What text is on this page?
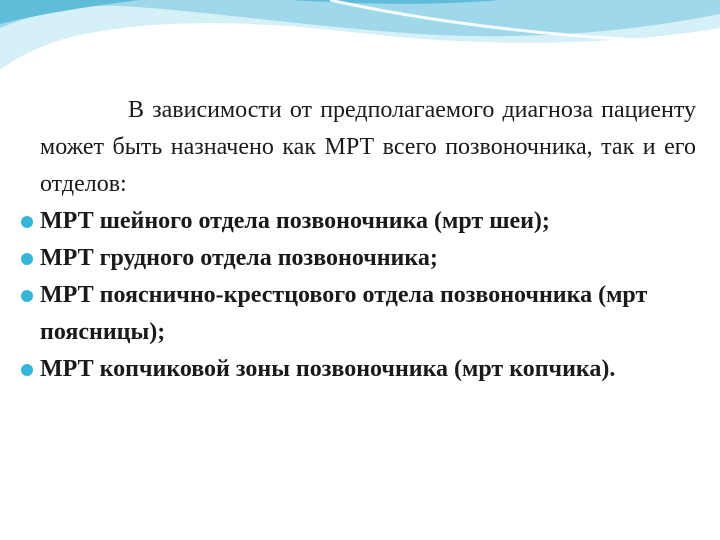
В зависимости от предполагаемого диагноза пациенту может быть назначено как МРТ всего позвоночника, так и его отделов:

МРТ шейного отдела позвоночника (мрт шеи);
МРТ грудного отдела позвоночника;
МРТ пояснично-крестцового отдела позвоночника (мрт поясницы);
МРТ копчиковой зоны позвоночника (мрт копчика).
